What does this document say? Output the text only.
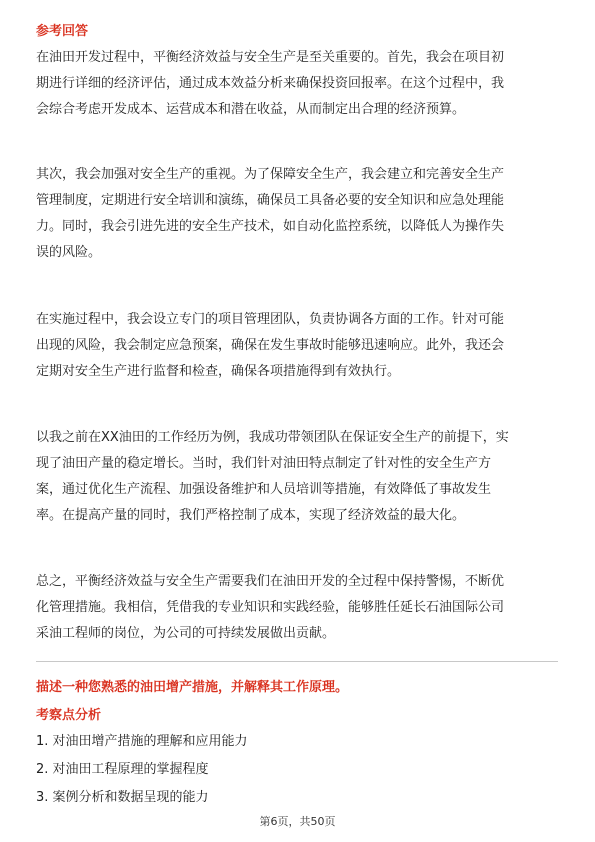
参考回答
在油田开发过程中，平衡经济效益与安全生产是至关重要的。首先，我会在项目初
期进行详细的经济评估，通过成本效益分析来确保投资回报率。在这个过程中，我
会综合考虑开发成本、运营成本和潜在收益，从而制定出合理的经济预算。
其次，我会加强对安全生产的重视。为了保障安全生产，我会建立和完善安全生产
管理制度，定期进行安全培训和演练，确保员工具备必要的安全知识和应急处理能
力。同时，我会引进先进的安全生产技术，如自动化监控系统，以降低人为操作失
误的风险。
在实施过程中，我会设立专门的项目管理团队，负责协调各方面的工作。针对可能
出现的风险，我会制定应急预案，确保在发生事故时能够迅速响应。此外，我还会
定期对安全生产进行监督和检查，确保各项措施得到有效执行。
以我之前在XX油田的工作经历为例，我成功带领团队在保证安全生产的前提下，实
现了油田产量的稳定增长。当时，我们针对油田特点制定了针对性的安全生产方
案，通过优化生产流程、加强设备维护和人员培训等措施，有效降低了事故发生
率。在提高产量的同时，我们严格控制了成本，实现了经济效益的最大化。
总之，平衡经济效益与安全生产需要我们在油田开发的全过程中保持警惕，不断优
化管理措施。我相信，凭借我的专业知识和实践经验，能够胜任延长石油国际公司
采油工程师的岗位，为公司的可持续发展做出贡献。
描述一种您熟悉的油田增产措施，并解释其工作原理。
考察点分析
1. 对油田增产措施的理解和应用能力
2. 对油田工程原理的掌握程度
3. 案例分析和数据呈现的能力
第6页，共50页
